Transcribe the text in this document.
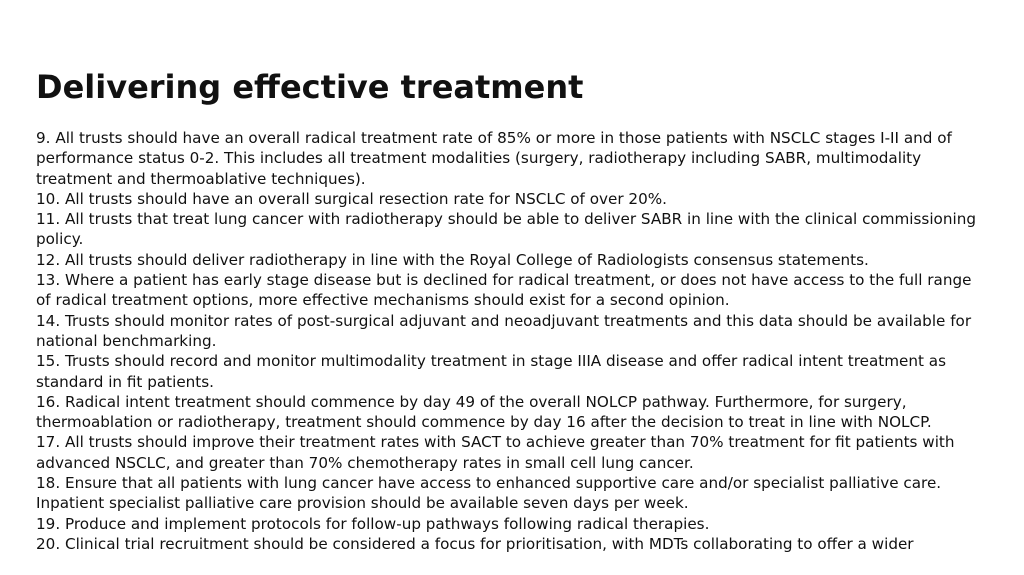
Delivering effective treatment
9. All trusts should have an overall radical treatment rate of 85% or more in those patients with NSCLC stages I-II and of performance status 0-2. This includes all treatment modalities (surgery, radiotherapy including SABR, multimodality treatment and thermoablative techniques).
10. All trusts should have an overall surgical resection rate for NSCLC of over 20%.
11. All trusts that treat lung cancer with radiotherapy should be able to deliver SABR in line with the clinical commissioning policy.
12. All trusts should deliver radiotherapy in line with the Royal College of Radiologists consensus statements.
13. Where a patient has early stage disease but is declined for radical treatment, or does not have access to the full range of radical treatment options, more effective mechanisms should exist for a second opinion.
14. Trusts should monitor rates of post-surgical adjuvant and neoadjuvant treatments and this data should be available for national benchmarking.
15. Trusts should record and monitor multimodality treatment in stage IIIA disease and offer radical intent treatment as standard in fit patients.
16. Radical intent treatment should commence by day 49 of the overall NOLCP pathway. Furthermore, for surgery, thermoablation or radiotherapy, treatment should commence by day 16 after the decision to treat in line with NOLCP.
17. All trusts should improve their treatment rates with SACT to achieve greater than 70% treatment for fit patients with advanced NSCLC, and greater than 70% chemotherapy rates in small cell lung cancer.
18. Ensure that all patients with lung cancer have access to enhanced supportive care and/or specialist palliative care. Inpatient specialist palliative care provision should be available seven days per week.
19. Produce and implement protocols for follow-up pathways following radical therapies.
20. Clinical trial recruitment should be considered a focus for prioritisation, with MDTs collaborating to offer a wider
